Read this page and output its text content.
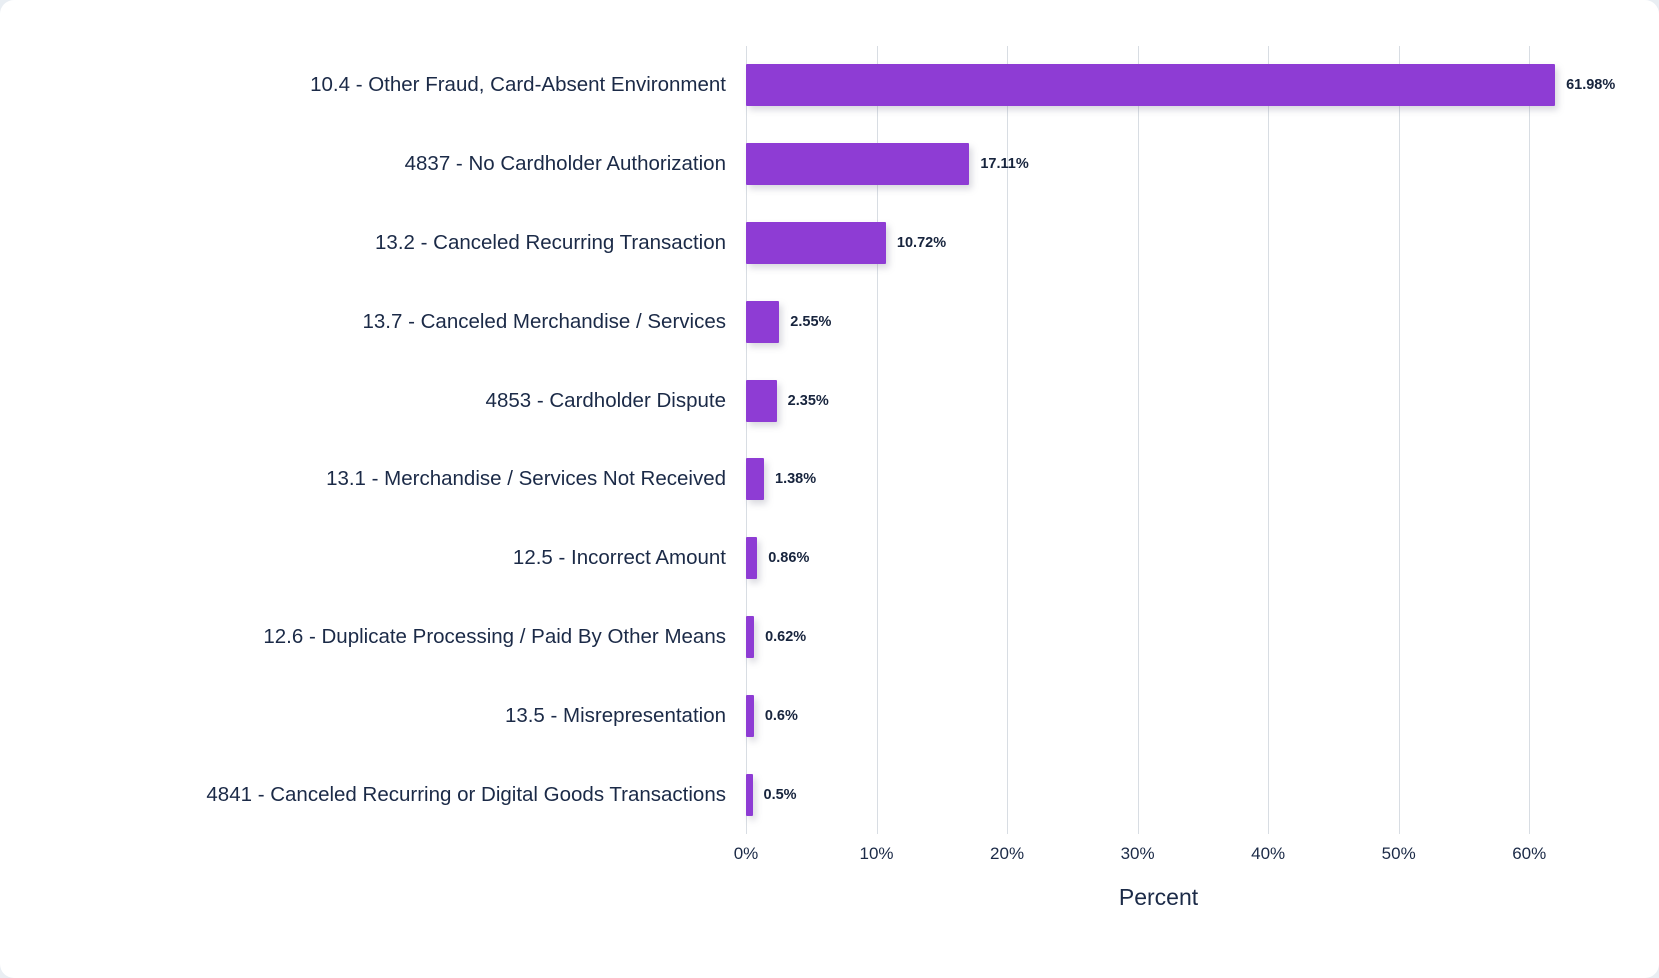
10.4 - Other Fraud, Card-Absent Environment
4837 - No Cardholder Authorization
13.2 - Canceled Recurring Transaction
13.7 - Canceled Merchandise / Services
4853 - Cardholder Dispute
13.1 - Merchandise / Services Not Received
12.5 - Incorrect Amount
12.6 - Duplicate Processing / Paid By Other Means
13.5 - Misrepresentation
4841 - Canceled Recurring or Digital Goods Transactions
61.98%
17.11%
10.72%
2.55%
2.35%
1.38%
0.86%
0.62%
0.6%
0.5%
0%	10%	20%	30%	40%	50%	60%
Percent
